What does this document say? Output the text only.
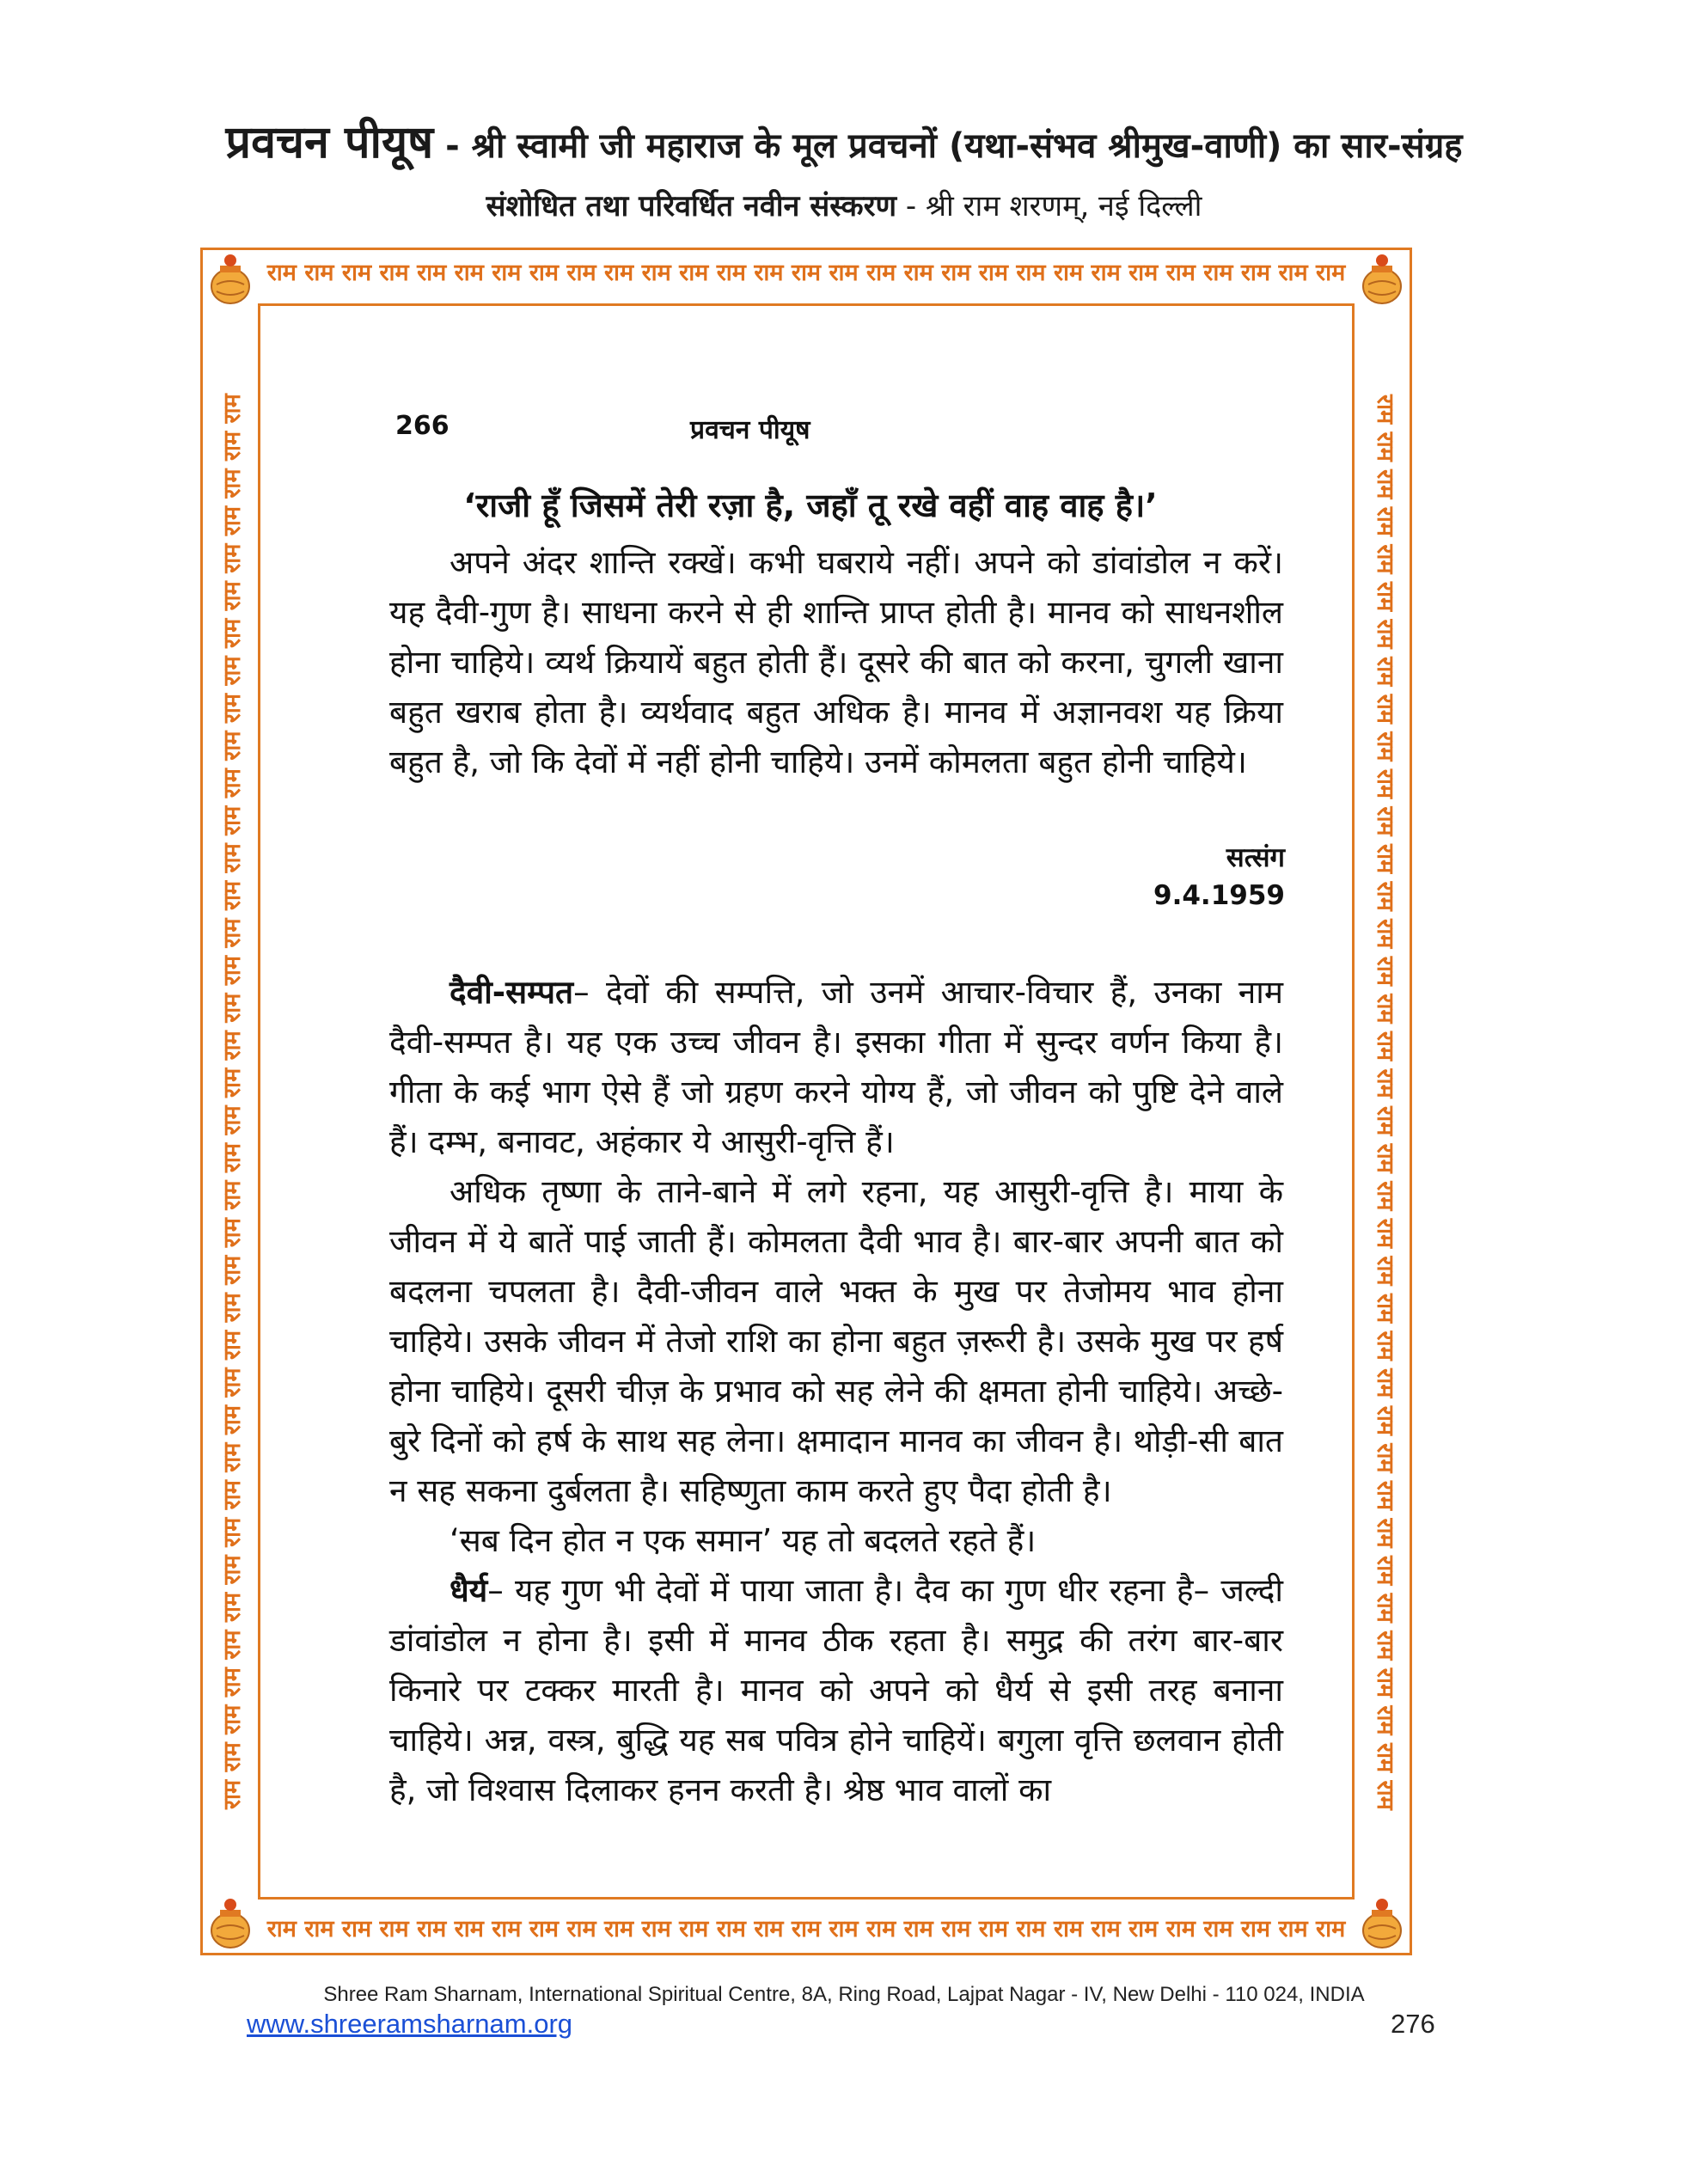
प्रवचन पीयूष - श्री स्वामी जी महाराज के मूल प्रवचनों (यथा-संभव श्रीमुख-वाणी) का सार-संग्रह
संशोधित तथा परिवर्धित नवीन संस्करण - श्री राम शरणम्, नई दिल्ली
राम राम राम राम राम राम राम राम राम राम राम राम राम राम राम राम राम राम राम राम राम राम राम राम राम राम राम राम राम
राम राम राम राम राम राम राम राम राम राम राम राम राम राम राम राम राम राम राम राम राम राम राम राम राम राम राम राम राम
राम राम राम राम राम राम राम राम राम राम राम राम राम राम राम राम राम राम राम राम राम राम राम राम राम राम राम राम राम राम राम राम राम राम राम राम राम राम	राम राम राम राम राम राम राम राम राम राम राम राम राम राम राम राम राम राम राम राम राम राम राम राम राम राम राम राम राम राम राम राम राम राम राम राम राम राम
266	प्रवचन पीयूष
‘राजी हूँ जिसमें तेरी रज़ा है, जहाँ तू रखे वहीं वाह वाह है।’

अपने अंदर शान्ति रक्खें। कभी घबराये नहीं। अपने को डांवांडोल न करें। यह दैवी-गुण है। साधना करने से ही शान्ति प्राप्त होती है। मानव को साधनशील होना चाहिये। व्यर्थ क्रियायें बहुत होती हैं। दूसरे की बात को करना, चुगली खाना बहुत खराब होता है। व्यर्थवाद बहुत अधिक है। मानव में अज्ञानवश यह क्रिया बहुत है, जो कि देवों में नहीं होनी चाहिये। उनमें कोमलता बहुत होनी चाहिये।

सत्संग
9.4.1959

दैवी-सम्पत– देवों की सम्पत्ति, जो उनमें आचार-विचार हैं, उनका नाम दैवी-सम्पत है। यह एक उच्च जीवन है। इसका गीता में सुन्दर वर्णन किया है। गीता के कई भाग ऐसे हैं जो ग्रहण करने योग्य हैं, जो जीवन को पुष्टि देने वाले हैं। दम्भ, बनावट, अहंकार ये आसुरी-वृत्ति हैं।

अधिक तृष्णा के ताने-बाने में लगे रहना, यह आसुरी-वृत्ति है। माया के जीवन में ये बातें पाई जाती हैं। कोमलता दैवी भाव है। बार-बार अपनी बात को बदलना चपलता है। दैवी-जीवन वाले भक्त के मुख पर तेजोमय भाव होना चाहिये। उसके जीवन में तेजो राशि का होना बहुत ज़रूरी है। उसके मुख पर हर्ष होना चाहिये। दूसरी चीज़ के प्रभाव को सह लेने की क्षमता होनी चाहिये। अच्छे-बुरे दिनों को हर्ष के साथ सह लेना। क्षमादान मानव का जीवन है। थोड़ी-सी बात न सह सकना दुर्बलता है। सहिष्णुता काम करते हुए पैदा होती है।

‘सब दिन होत न एक समान’ यह तो बदलते रहते हैं।

धैर्य– यह गुण भी देवों में पाया जाता है। दैव का गुण धीर रहना है– जल्दी डांवांडोल न होना है। इसी में मानव ठीक रहता है। समुद्र की तरंग बार-बार किनारे पर टक्कर मारती है। मानव को अपने को धैर्य से इसी तरह बनाना चाहिये। अन्न, वस्त्र, बुद्धि यह सब पवित्र होने चाहियें। बगुला वृत्ति छलवान होती है, जो विश्वास दिलाकर हनन करती है। श्रेष्ठ भाव वालों का

Shree Ram Sharnam, International Spiritual Centre, 8A, Ring Road, Lajpat Nagar - IV, New Delhi - 110 024, INDIA
www.shreeramsharnam.org	276
